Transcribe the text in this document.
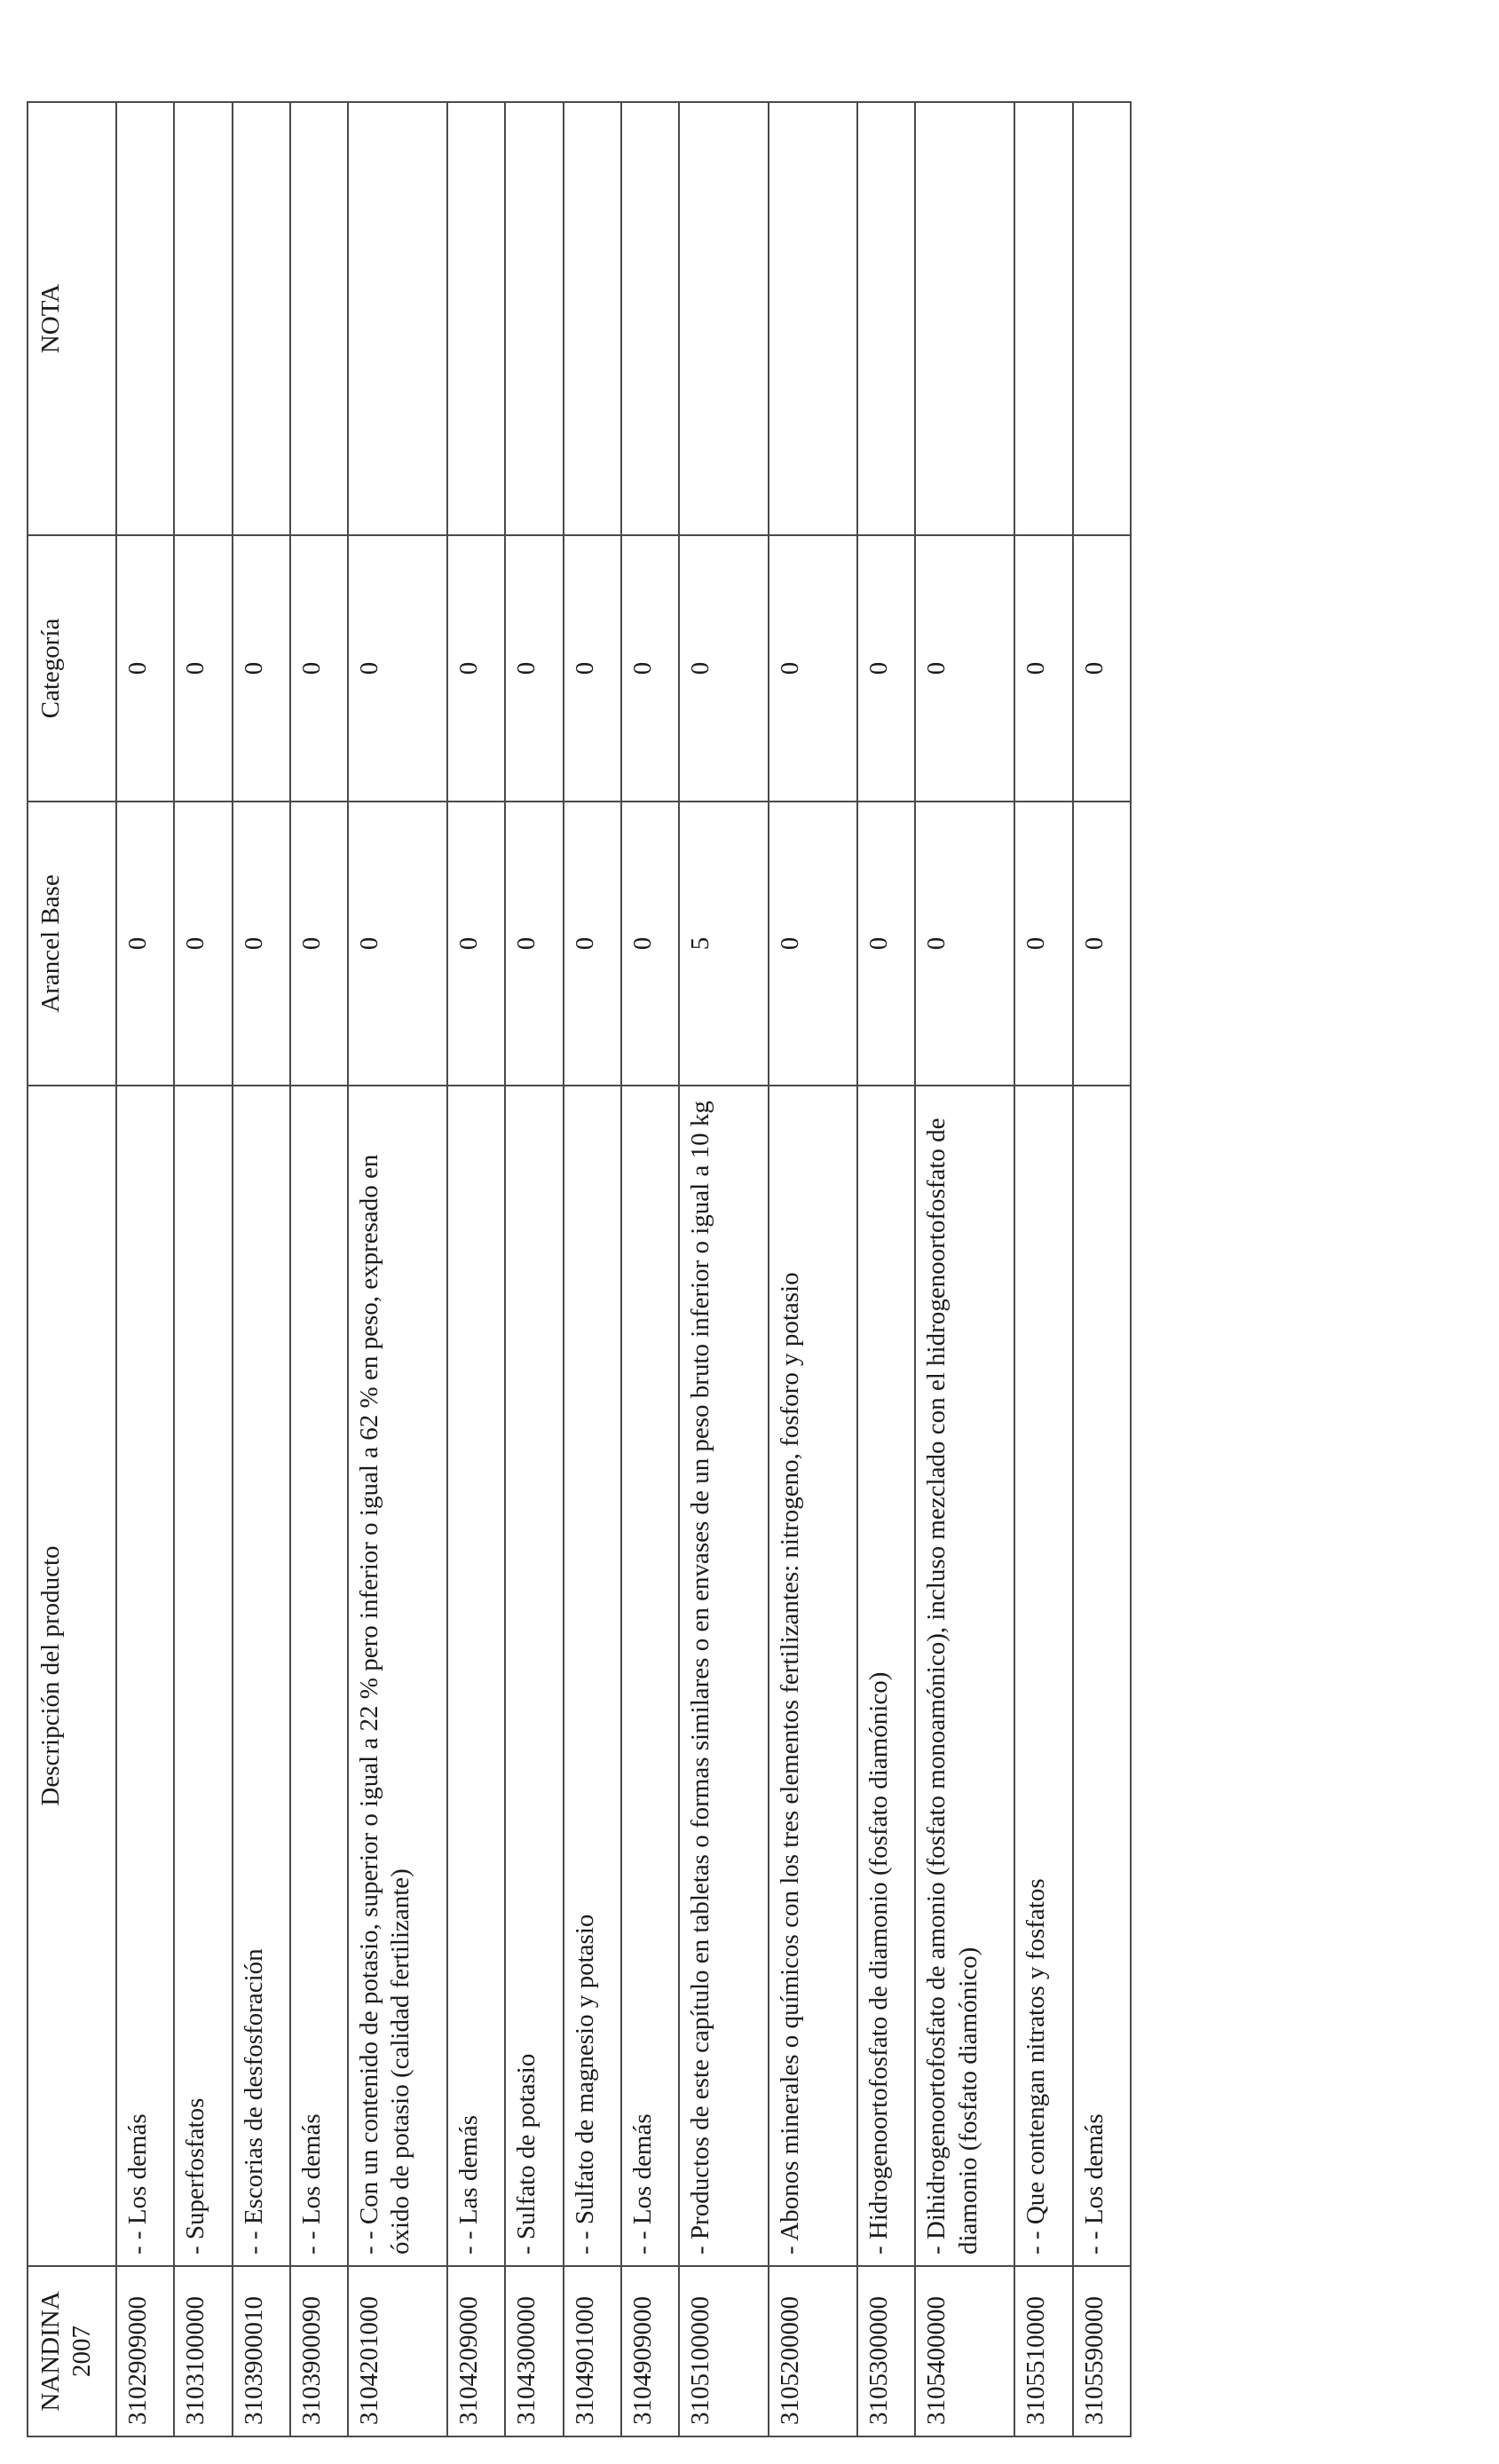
NANDINA 2007	Descripción del producto	Arancel Base	Categoría	NOTA
3102909000	- - Los demás	0	0	
3103100000	- Superfosfatos	0	0	
3103900010	- - Escorias de desfosforación	0	0	
3103900090	- - Los demás	0	0	
3104201000	- - Con un contenido de potasio, superior o igual a 22 % pero inferior o igual a 62 % en peso, expresado en óxido de potasio (calidad fertilizante)	0	0	
3104209000	- - Las demás	0	0	
3104300000	- Sulfato de potasio	0	0	
3104901000	- - Sulfato de magnesio y potasio	0	0	
3104909000	- - Los demás	0	0	
3105100000	- Productos de este capítulo en tabletas o formas similares o en envases de un peso bruto inferior o igual a 10 kg	5	0	
3105200000	- Abonos minerales o químicos con los tres elementos fertilizantes: nitrogeno, fosforo y potasio	0	0	
3105300000	- Hidrogenoortofosfato de diamonio (fosfato diamónico)	0	0	
3105400000	- Dihidrogenoortofosfato de amonio (fosfato monoamónico), incluso mezclado con el hidrogenoortofosfato de diamonio (fosfato diamónico)	0	0	
3105510000	- - Que contengan nitratos y fosfatos	0	0	
3105590000	- - Los demás	0	0	
